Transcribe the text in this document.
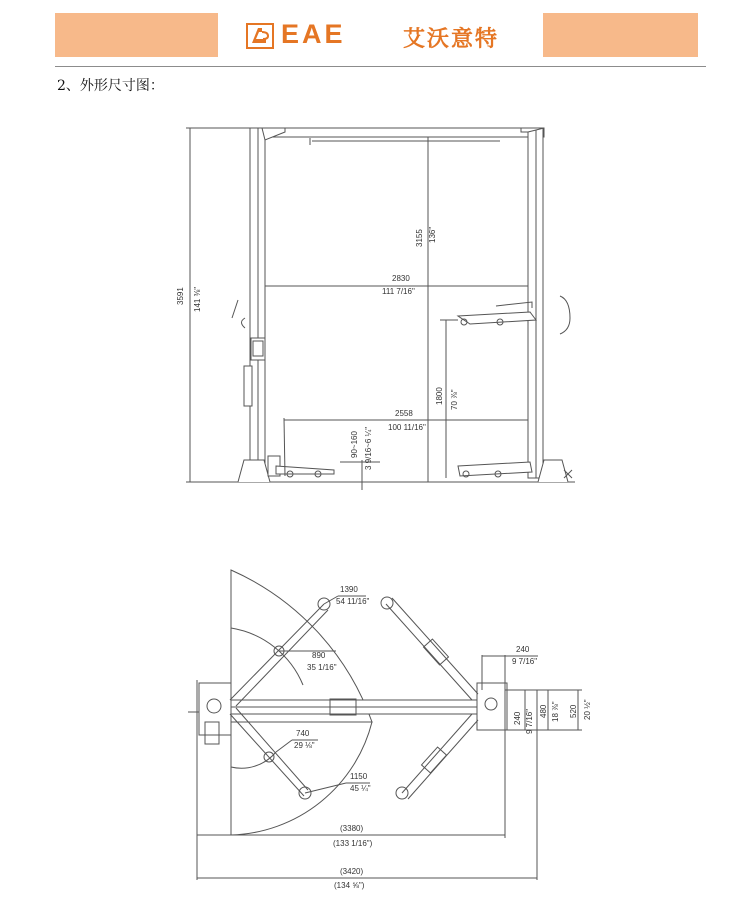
EAE	艾沃意特
2、外形尺寸图：
3591 141 ⅜"
3155 136"
2830
111 7/16"
1800 70 ⅞"
2558
100 11/16"
90~160 3 9/16~6 ¼"
1390
54 11/16"
890
35 1/16"
740
29 ⅛"
1150
45 ¼"
240
9 7/16"
240 9 7/16" 480 18 ⅞" 520 20 ½"
(3380)
(133 1/16")
(3420)
(134 ⅝")
